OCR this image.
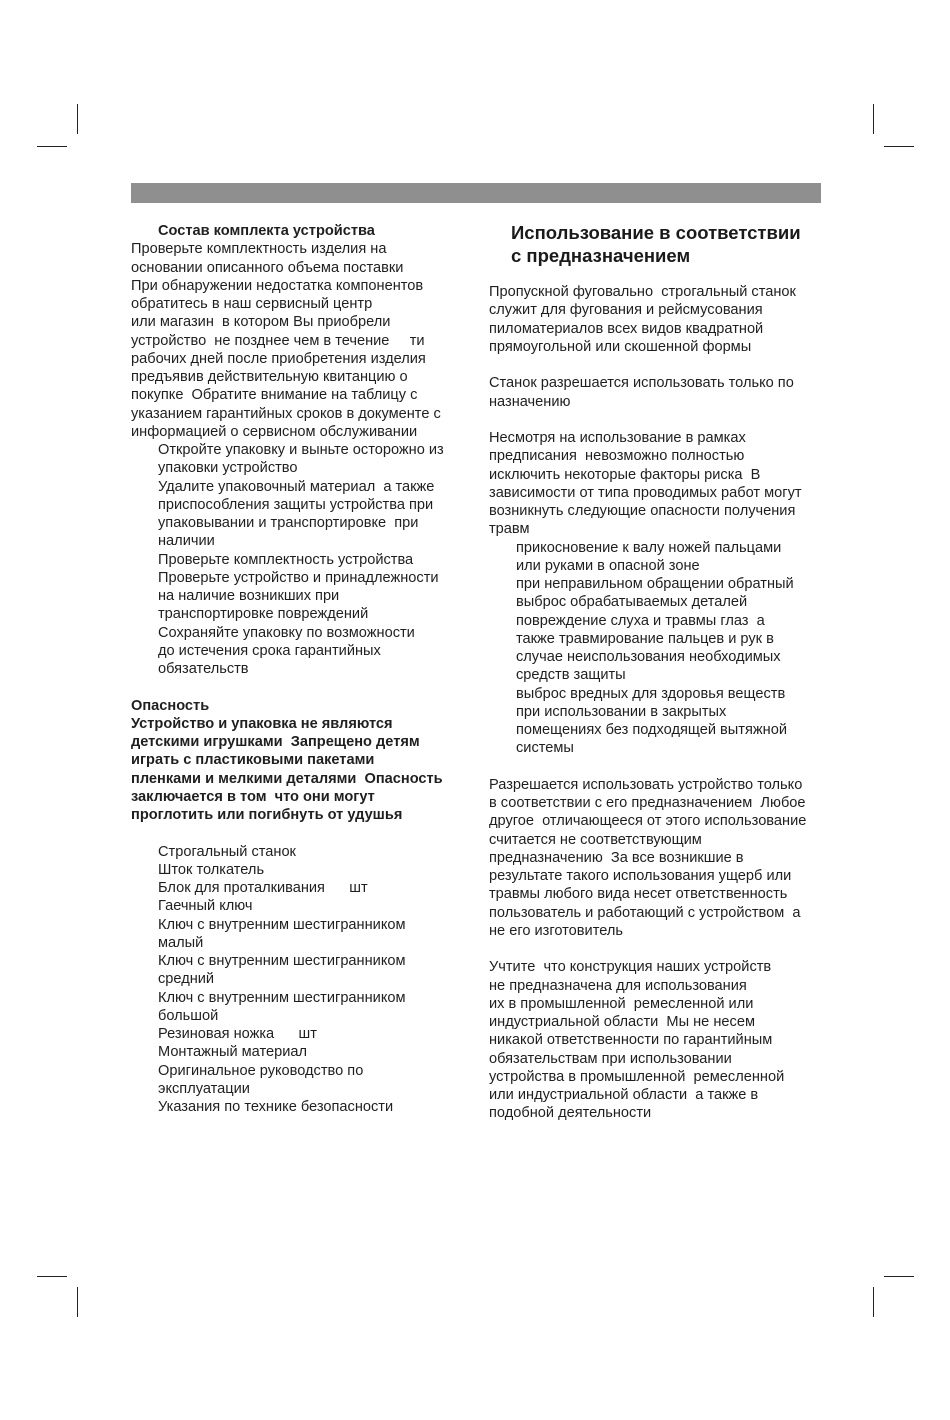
Состав комплекта устройства
Проверьте комплектность изделия на
основании описанного объема поставки
При обнаружении недостатка компонентов
обратитесь в наш сервисный центр
или магазин  в котором Вы приобрели
устройство  не позднее чем в течение     ти
рабочих дней после приобретения изделия
предъявив действительную квитанцию о
покупке  Обратите внимание на таблицу с
указанием гарантийных сроков в документе с
информацией о сервисном обслуживании
Откройте упаковку и выньте осторожно из
упаковки устройство
Удалите упаковочный материал  а также
приспособления защиты устройства при
упаковывании и транспортировке  при
наличии
Проверьте комплектность устройства
Проверьте устройство и принадлежности
на наличие возникших при
транспортировке повреждений
Сохраняйте упаковку по возможности
до истечения срока гарантийных
обязательств
Опасность
Устройство и упаковка не являются
детскими игрушками  Запрещено детям
играть с пластиковыми пакетами
пленками и мелкими деталями  Опасность
заключается в том  что они могут
проглотить или погибнуть от удушья
Строгальный станок
Шток толкатель
Блок для проталкивания      шт
Гаечный ключ
Ключ с внутренним шестигранником
малый
Ключ с внутренним шестигранником
средний
Ключ с внутренним шестигранником
большой
Резиновая ножка      шт
Монтажный материал
Оригинальное руководство по
эксплуатации
Указания по технике безопасности
Использование в соответствии
с предназначением
Пропускной фуговально  строгальный станок
служит для фугования и рейсмусования
пиломатериалов всех видов квадратной
прямоугольной или скошенной формы
Станок разрешается использовать только по
назначению
Несмотря на использование в рамках
предписания  невозможно полностью
исключить некоторые факторы риска  В
зависимости от типа проводимых работ могут
возникнуть следующие опасности получения
травм
прикосновение к валу ножей пальцами
или руками в опасной зоне
при неправильном обращении обратный
выброс обрабатываемых деталей
повреждение слуха и травмы глаз  а
также травмирование пальцев и рук в
случае неиспользования необходимых
средств защиты
выброс вредных для здоровья веществ
при использовании в закрытых
помещениях без подходящей вытяжной
системы
Разрешается использовать устройство только
в соответствии с его предназначением  Любое
другое  отличающееся от этого использование
считается не соответствующим
предназначению  За все возникшие в
результате такого использования ущерб или
травмы любого вида несет ответственность
пользователь и работающий с устройством  а
не его изготовитель
Учтите  что конструкция наших устройств
не предназначена для использования
их в промышленной  ремесленной или
индустриальной области  Мы не несем
никакой ответственности по гарантийным
обязательствам при использовании
устройства в промышленной  ремесленной
или индустриальной области  а также в
подобной деятельности
